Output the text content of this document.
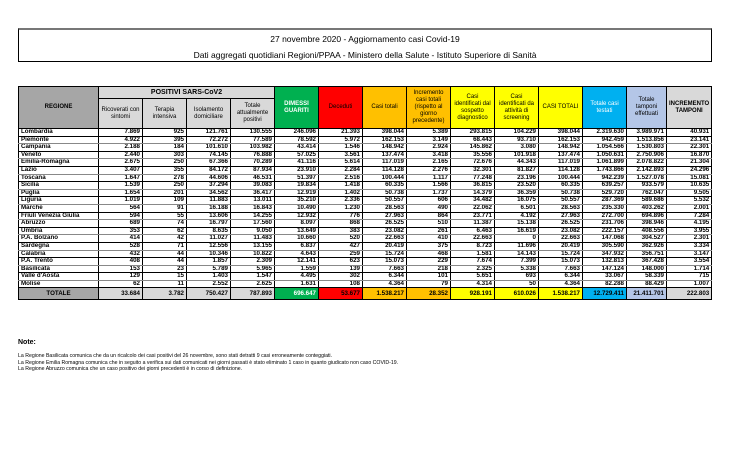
27 novembre 2020 - Aggiornamento casi Covid-19
Dati aggregati quotidiani Regioni/PPAA - Ministero della Salute - Istituto Superiore di Sanità
REGIONE	POSITIVI SARS-CoV2				DIMESSI GUARITI	Deceduti	Casi totali	Incremento casi totali (rispetto al giorno precedente)	Casi identificati dal sospetto diagnostico	Casi identificati da attività di screening	CASI TOTALI	Totale casi testati	Totale tamponi effettuati	INCREMENTO TAMPONI
	Ricoverati con sintomi	Terapia intensiva	Isolamento domiciliare	Totale attualmente positivi										
Lombardia	7.869	925	121.761	130.555	246.096	21.393	398.044	5.389	293.815	104.229	398.044	2.319.630	3.989.971	40.931
Piemonte	4.922	395	72.272	77.589	78.592	5.972	162.153	3.149	68.443	93.710	162.153	942.459	1.513.856	23.141
Campania	2.188	184	101.610	103.982	43.414	1.546	148.942	2.924	145.862	3.080	148.942	1.054.566	1.530.803	22.301
Veneto	2.440	303	74.145	76.888	57.025	3.561	137.474	3.418	35.556	101.918	137.474	1.050.631	2.750.906	16.870
Emilia-Romagna	2.675	250	67.366	70.289	41.116	5.614	117.019	2.165	72.676	44.343	117.019	1.061.899	2.078.822	21.304
Lazio	3.407	355	84.172	87.934	23.910	2.284	114.128	2.276	32.301	81.827	114.128	1.743.866	2.142.893	24.296
Toscana	1.647	278	44.606	46.531	51.397	2.516	100.444	1.117	77.248	23.196	100.444	942.239	1.527.078	15.081
Sicilia	1.539	250	37.294	39.083	19.834	1.418	60.335	1.566	36.815	23.520	60.335	639.257	933.579	10.635
Puglia	1.654	201	34.562	36.417	12.919	1.402	50.738	1.737	14.379	36.359	50.738	529.720	762.047	9.505
Liguria	1.019	109	11.883	13.011	35.210	2.336	50.557	606	34.482	16.075	50.557	287.369	589.686	5.532
Marche	564	91	16.188	16.843	10.490	1.230	28.563	490	22.062	6.501	28.563	235.330	403.262	2.001
Friuli Venezia Giulia	594	55	13.606	14.255	12.932	776	27.963	864	23.771	4.192	27.963	272.700	694.896	7.284
Abruzzo	689	74	16.797	17.560	8.097	868	26.525	510	11.387	15.138	26.525	231.706	398.946	4.195
Umbria	353	62	8.635	9.050	13.649	383	23.082	261	6.463	16.619	23.082	222.157	408.556	3.955
P.A. Bolzano	414	42	11.027	11.483	10.660	520	22.663	410	22.663	0	22.663	147.068	304.527	2.301
Sardegna	528	71	12.556	13.155	6.837	427	20.419	375	8.723	11.696	20.419	305.590	362.926	3.334
Calabria	432	44	10.346	10.822	4.643	259	15.724	468	1.581	14.143	15.724	347.932	356.751	3.147
P.A. Trento	408	44	1.857	2.309	12.141	623	15.073	229	7.674	7.399	15.073	132.813	367.428	3.554
Basilicata	153	23	5.789	5.965	1.559	139	7.663	218	2.325	5.338	7.663	147.124	148.000	1.714
Valle d'Aosta	129	15	1.403	1.547	4.495	302	6.344	101	5.651	693	6.344	33.067	58.339	715
Molise	62	11	2.552	2.625	1.631	108	4.364	79	4.314	50	4.364	82.288	88.429	1.007
TOTALE	33.684	3.782	750.427	787.893	696.647	53.677	1.538.217	28.352	928.191	610.026	1.538.217	12.729.411	21.411.701	222.803
Note:
La Regione Basilicata comunica che da un ricalcolo dei casi positivi del 26 novembre, sono stati detratti 9 casi erroneamente conteggiati.
La Regione Emilia Romagna comunica che in seguito a verifica sui dati comunicati nei giorni passati è stato eliminato 1 caso in quanto giudicato non caso COVID-19.
La Regione Abruzzo comunica che un caso positivo dei giorni precedenti è in corso di definizione.
